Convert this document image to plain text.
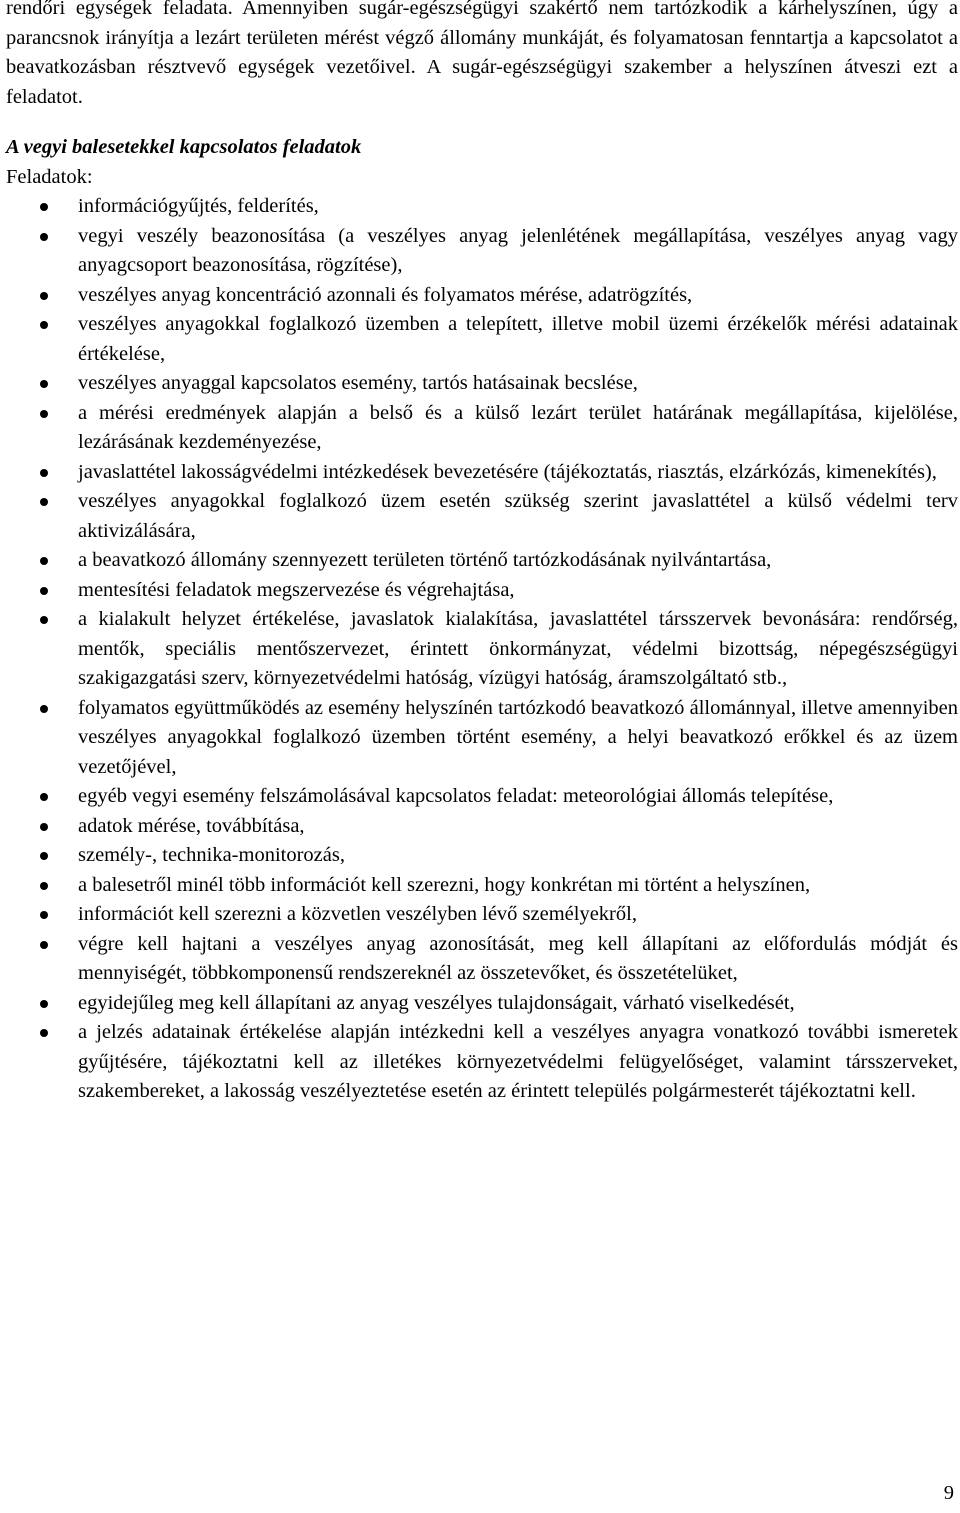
rendőri egységek feladata. Amennyiben sugár-egészségügyi szakértő nem tartózkodik a kárhelyszínen, úgy a parancsnok irányítja a lezárt területen mérést végző állomány munkáját, és folyamatosan fenntartja a kapcsolatot a beavatkozásban résztvevő egységek vezetőivel. A sugár-egészségügyi szakember a helyszínen átveszi ezt a feladatot.

A vegyi balesetekkel kapcsolatos feladatok

Feladatok:

információgyűjtés, felderítés,
vegyi veszély beazonosítása (a veszélyes anyag jelenlétének megállapítása, veszélyes anyag vagy anyagcsoport beazonosítása, rögzítése),
veszélyes anyag koncentráció azonnali és folyamatos mérése, adatrögzítés,
veszélyes anyagokkal foglalkozó üzemben a telepített, illetve mobil üzemi érzékelők mérési adatainak értékelése,
veszélyes anyaggal kapcsolatos esemény, tartós hatásainak becslése,
a mérési eredmények alapján a belső és a külső lezárt terület határának megállapítása, kijelölése, lezárásának kezdeményezése,
javaslattétel lakosságvédelmi intézkedések bevezetésére (tájékoztatás, riasztás, elzárkózás, kimenekítés),
veszélyes anyagokkal foglalkozó üzem esetén szükség szerint javaslattétel a külső védelmi terv aktivizálására,
a beavatkozó állomány szennyezett területen történő tartózkodásának nyilvántartása,
mentesítési feladatok megszervezése és végrehajtása,
a kialakult helyzet értékelése, javaslatok kialakítása, javaslattétel társszervek bevonására: rendőrség, mentők, speciális mentőszervezet, érintett önkormányzat, védelmi bizottság, népegészségügyi szakigazgatási szerv, környezetvédelmi hatóság, vízügyi hatóság, áramszolgáltató stb.,
folyamatos együttműködés az esemény helyszínén tartózkodó beavatkozó állománnyal, illetve amennyiben veszélyes anyagokkal foglalkozó üzemben történt esemény, a helyi beavatkozó erőkkel és az üzem vezetőjével,
egyéb vegyi esemény felszámolásával kapcsolatos feladat: meteorológiai állomás telepítése,
adatok mérése, továbbítása,
személy-, technika-monitorozás,
a balesetről minél több információt kell szerezni, hogy konkrétan mi történt a helyszínen,
információt kell szerezni a közvetlen veszélyben lévő személyekről,
végre kell hajtani a veszélyes anyag azonosítását, meg kell állapítani az előfordulás módját és mennyiségét, többkomponensű rendszereknél az összetevőket, és összetételüket,
egyidejűleg meg kell állapítani az anyag veszélyes tulajdonságait, várható viselkedését,
a jelzés adatainak értékelése alapján intézkedni kell a veszélyes anyagra vonatkozó további ismeretek gyűjtésére, tájékoztatni kell az illetékes környezetvédelmi felügyelőséget, valamint társszerveket, szakembereket, a lakosság veszélyeztetése esetén az érintett település polgármesterét tájékoztatni kell.
9
